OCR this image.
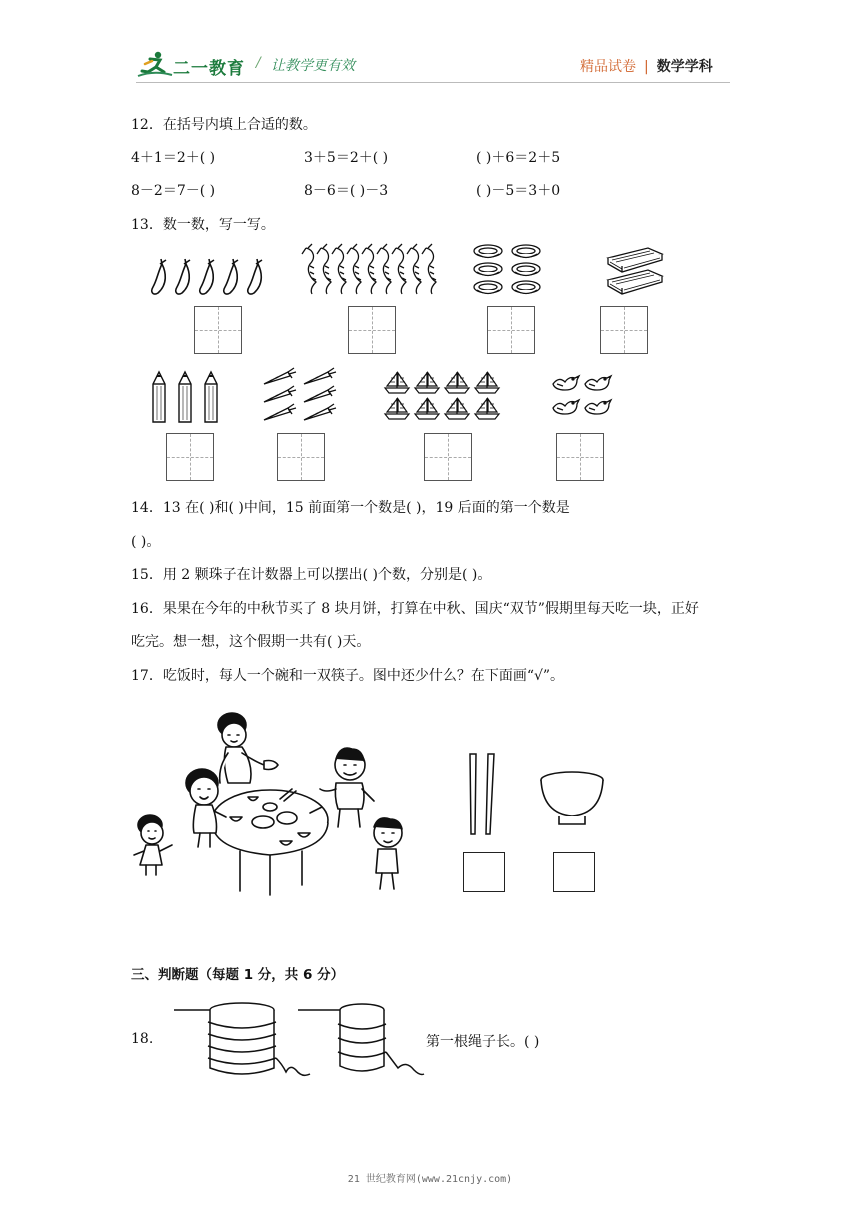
二一教育 / 让教学更有效	精品试卷 | 数学学科
12．在括号内填上合适的数。
4＋1＝2＋( )	3＋5＝2＋( )	( )＋6＝2＋5
8－2＝7－( )	8－6＝( )－3	( )－5＝3＋0
13．数一数，写一写。
14．13 在( )和( )中间，15 前面第一个数是( )，19 后面的第一个数是
( )。
15．用 2 颗珠子在计数器上可以摆出( )个数，分别是( )。
16．果果在今年的中秋节买了 8 块月饼，打算在中秋、国庆“双节”假期里每天吃一块，正好
吃完。想一想，这个假期一共有( )天。
17．吃饭时，每人一个碗和一双筷子。图中还少什么？在下面画“√”。
三、判断题（每题 1 分，共 6 分）
18.	第一根绳子长。( )
21 世纪教育网(www.21cnjy.com)
